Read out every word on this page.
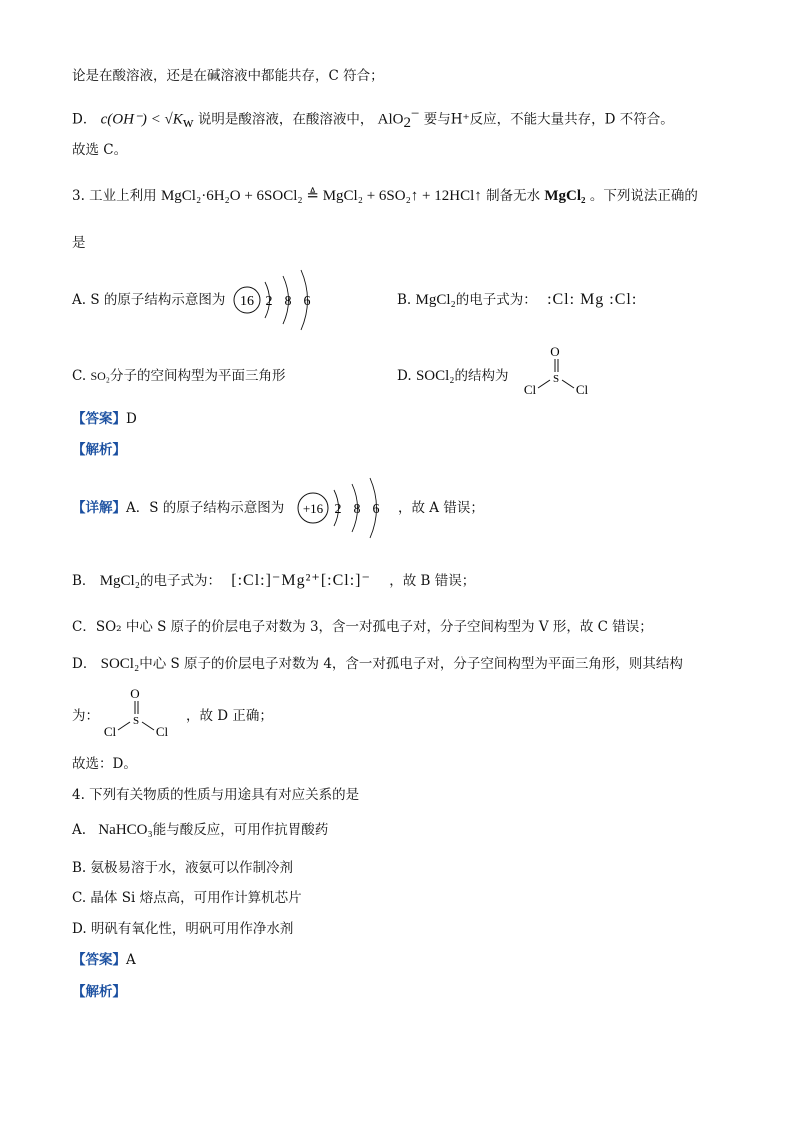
论是在酸溶液，还是在碱溶液中都能共存，C 符合；
D． $c(OH^-) < √K_w$ 说明是酸溶液，在酸溶液中， AlO$_2$− 要与H⁺反应，不能大量共存，D 不符合。
故选 C。
3. 工业上利用 MgCl₂·6H₂O + 6SOCl₂ ≜ MgCl₂ + 6SO₂↑ + 12HCl↑ 制备无水 MgCl₂ 。下列说法正确的
是
A. S 的原子结构示意图为 16 2 8 6	B. MgCl₂的电子式为： :Cl: Mg :Cl:
C. SO₂分子的空间构型为平面三角形	D. SOCl₂的结构为
O
S
Cl	Cl
【答案】D
【解析】
【详解】A．S 的原子结构示意图为 +16 2 8 6 ，故 A 错误；
B． MgCl₂的电子式为： [:Cl:]⁻Mg²⁺[:Cl:]⁻ ，故 B 错误；
C．SO₂ 中心 S 原子的价层电子对数为 3，含一对孤电子对，分子空间构型为 V 形，故 C 错误；
D． SOCl₂中心 S 原子的价层电子对数为 4，含一对孤电子对，分子空间构型为平面三角形，则其结构
为：
O
S
Cl	Cl
，故 D 正确；
故选：D。
4. 下列有关物质的性质与用途具有对应关系的是
A. NaHCO₃能与酸反应，可用作抗胃酸药
B. 氨极易溶于水，液氨可以作制冷剂
C. 晶体 Si 熔点高，可用作计算机芯片
D. 明矾有氧化性，明矾可用作净水剂
【答案】A
【解析】
